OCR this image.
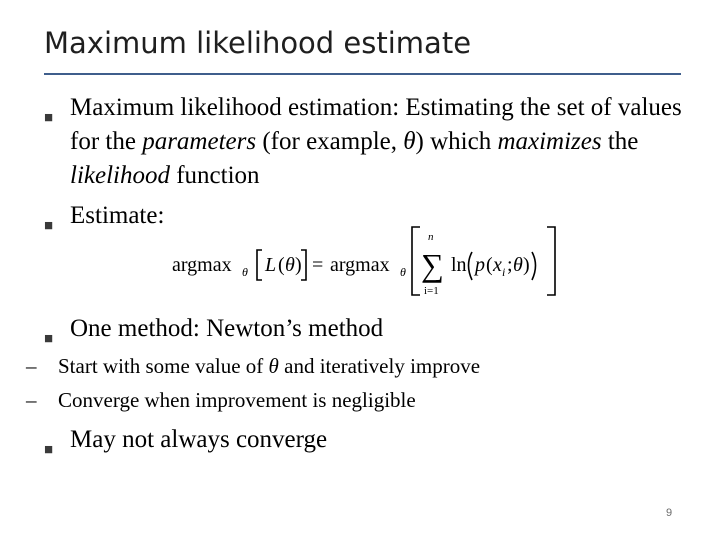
Maximum likelihood estimate
■ Maximum likelihood estimation: Estimating the set of values for the parameters (for example, θ) which maximizes the likelihood function
■ Estimate:
argmax θ L ( θ ) = argmax θ
n
∑
i=1
ln p ( x i ; θ )
■ One method: Newton’s method
– Start with some value of θ and iteratively improve
– Converge when improvement is negligible
■ May not always converge
9
